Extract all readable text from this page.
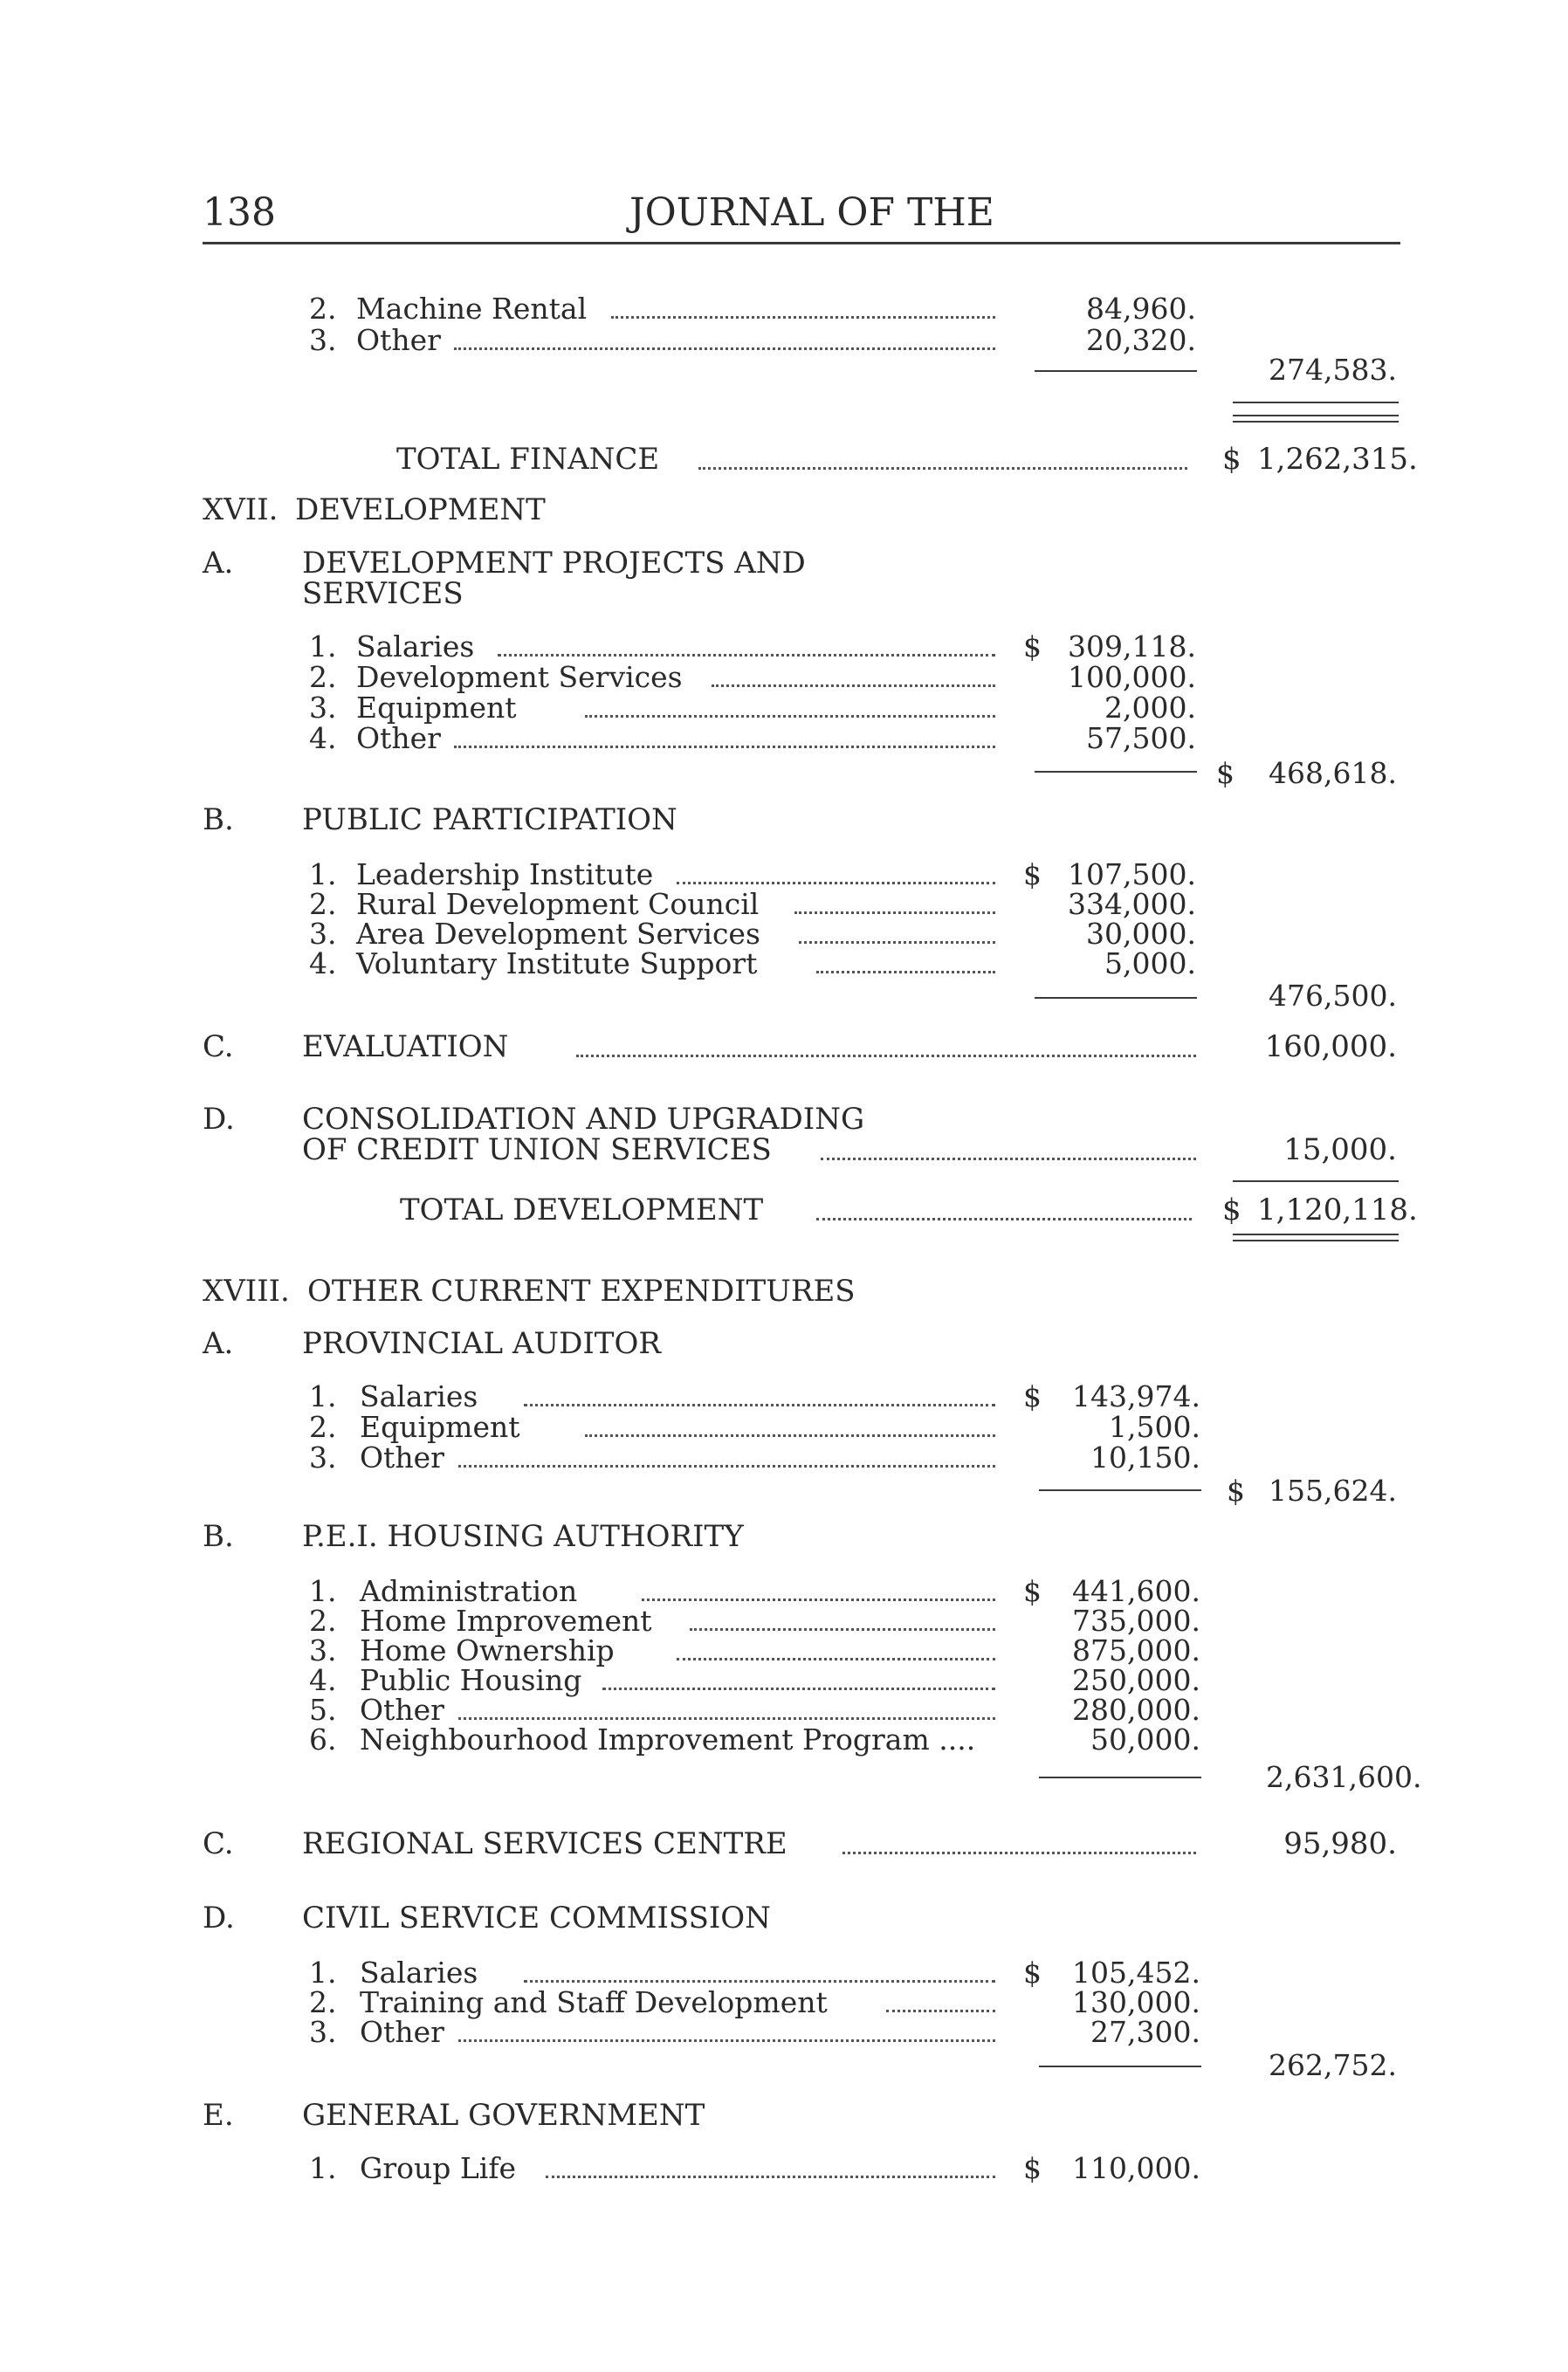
138	JOURNAL OF THE
2. Machine Rental	84,960.
3. Other	20,320.
274,583.
TOTAL FINANCE	$ 1,262,315.
XVII. DEVELOPMENT
A. DEVELOPMENT PROJECTS AND
SERVICES
1. Salaries	$ 309,118.
2. Development Services	100,000.
3. Equipment	2,000.
4. Other	57,500.
$ 468,618.
B. PUBLIC PARTICIPATION
1. Leadership Institute	$ 107,500.
2. Rural Development Council	334,000.
3. Area Development Services	30,000.
4. Voluntary Institute Support	5,000.
476,500.
C. EVALUATION	160,000.
D. CONSOLIDATION AND UPGRADING
OF CREDIT UNION SERVICES	15,000.
TOTAL DEVELOPMENT	$ 1,120,118.
XVIII. OTHER CURRENT EXPENDITURES
A. PROVINCIAL AUDITOR
1. Salaries	$ 143,974.
2. Equipment	1,500.
3. Other	10,150.
$ 155,624.
B. P.E.I. HOUSING AUTHORITY
1. Administration	$ 441,600.
2. Home Improvement	735,000.
3. Home Ownership	875,000.
4. Public Housing	250,000.
5. Other	280,000.
6. Neighbourhood Improvement Program ....	50,000.
2,631,600.
C. REGIONAL SERVICES CENTRE	95,980.
D. CIVIL SERVICE COMMISSION
1. Salaries	$ 105,452.
2. Training and Staff Development	130,000.
3. Other	27,300.
262,752.
E. GENERAL GOVERNMENT
1. Group Life	$ 110,000.
